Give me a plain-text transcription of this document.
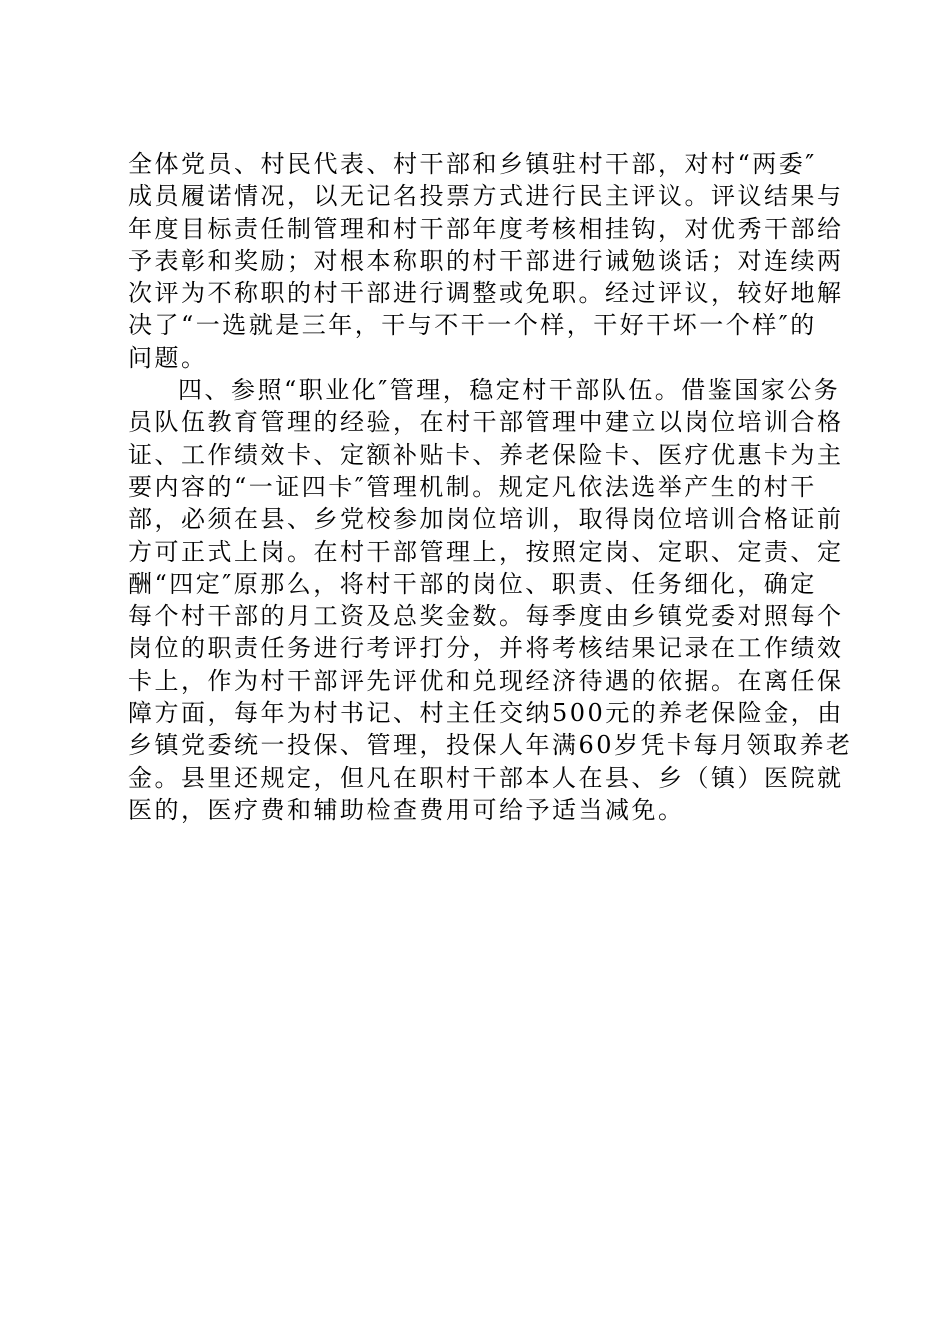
全体党员、村民代表、村干部和乡镇驻村干部，对村“两委″
成员履诺情况，以无记名投票方式进行民主评议。评议结果与
年度目标责任制管理和村干部年度考核相挂钩，对优秀干部给
予表彰和奖励；对根本称职的村干部进行诫勉谈话；对连续两
次评为不称职的村干部进行调整或免职。经过评议，较好地解
决了“一选就是三年，干与不干一个样，干好干坏一个样″的
问题。
四、参照“职业化″管理，稳定村干部队伍。借鉴国家公务
员队伍教育管理的经验，在村干部管理中建立以岗位培训合格
证、工作绩效卡、定额补贴卡、养老保险卡、医疗优惠卡为主
要内容的“一证四卡″管理机制。规定凡依法选举产生的村干
部，必须在县、乡党校参加岗位培训，取得岗位培训合格证前
方可正式上岗。在村干部管理上，按照定岗、定职、定责、定
酬“四定″原那么，将村干部的岗位、职责、任务细化，确定
每个村干部的月工资及总奖金数。每季度由乡镇党委对照每个
岗位的职责任务进行考评打分，并将考核结果记录在工作绩效
卡上，作为村干部评先评优和兑现经济待遇的依据。在离任保
障方面，每年为村书记、村主任交纳500元的养老保险金，由
乡镇党委统一投保、管理，投保人年满60岁凭卡每月领取养老
金。县里还规定，但凡在职村干部本人在县、乡（镇）医院就
医的，医疗费和辅助检查费用可给予适当减免。
